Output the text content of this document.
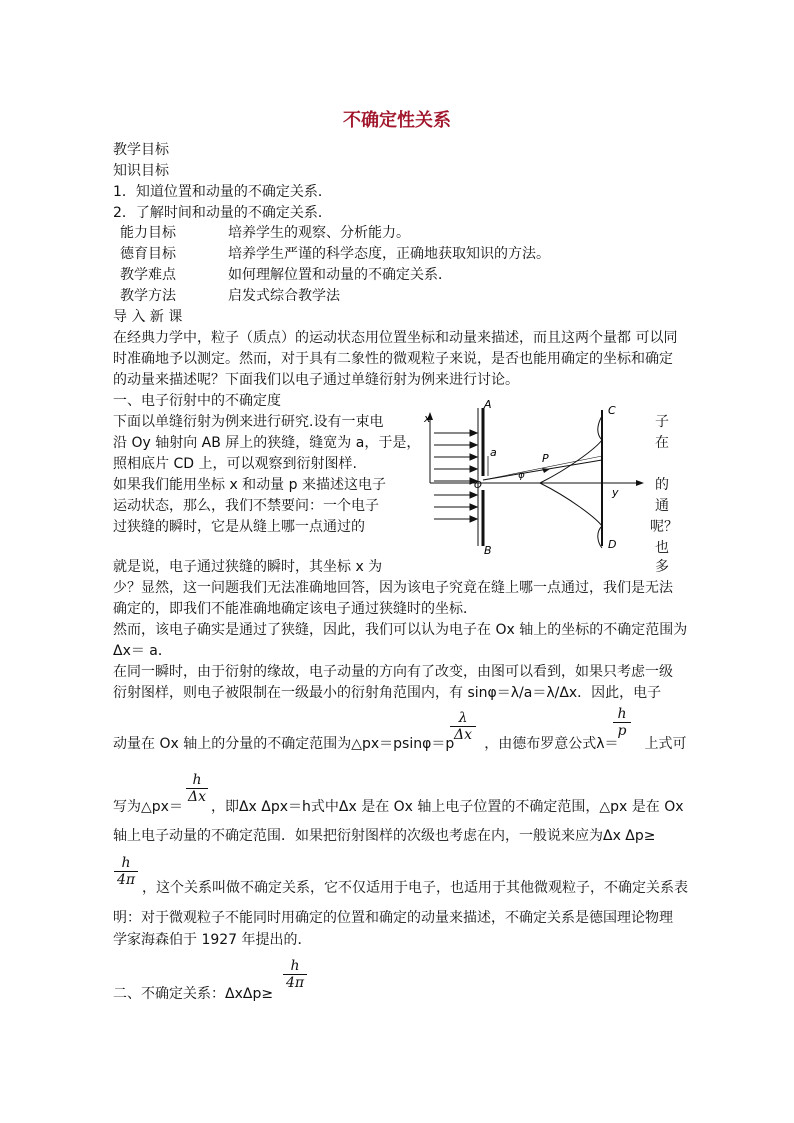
不确定性关系
教学目标
知识目标
1．知道位置和动量的不确定关系．
2．了解时间和动量的不确定关系．
能力目标	培养学生的观察、分析能力。
德育目标	培养学生严谨的科学态度，正确地获取知识的方法。
教学难点	如何理解位置和动量的不确定关系．
教学方法	启发式综合教学法
导 入 新 课
在经典力学中，粒子（质点）的运动状态用位置坐标和动量来描述，而且这两个量都 可以同
时准确地予以测定。然而，对于具有二象性的微观粒子来说，是否也能用确定的坐标和确定
的动量来描述呢？下面我们以电子通过单缝衍射为例来进行讨论。
一、电子衍射中的不确定度
下面以单缝衍射为例来进行研究.设有一束电
沿 Oy 轴射向 AB 屏上的狭缝，缝宽为 a，于是，
照相底片 CD 上，可以观察到衍射图样.
如果我们能用坐标 x 和动量 p 来描述这电子
运动状态，那么，我们不禁要问：一个电子
过狭缝的瞬时，它是从缝上哪一点通过的
就是说，电子通过狭缝的瞬时，其坐标 x 为
子
在
的
通
呢？
也
多
x
A
B
C
D
a	P
φ
O
y
少？显然，这一问题我们无法准确地回答，因为该电子究竟在缝上哪一点通过，我们是无法
确定的，即我们不能准确地确定该电子通过狭缝时的坐标．
然而，该电子确实是通过了狭缝，因此，我们可以认为电子在 Ox 轴上的坐标的不确定范围为
Δx＝ a．
在同一瞬时，由于衍射的缘故，电子动量的方向有了改变，由图可以看到，如果只考虑一级
衍射图样，则电子被限制在一级最小的衍射角范围内，有 sinφ＝λ/a＝λ/Δx．因此，电子
动量在 Ox 轴上的分量的不确定范围为△px＝psinφ＝p ，由德布罗意公式λ＝ 上式可
$\frac{\lambda}{\Delta x}$	$\frac{h}{p}$
写为△px＝ ，即Δx Δpx＝h式中Δx 是在 Ox 轴上电子位置的不确定范围，△px 是在 Ox
$\frac{h}{\Delta x}$
轴上电子动量的不确定范围．如果把衍射图样的次级也考虑在内，一般说来应为Δx Δp≥
$\frac{h}{4\pi}$ ，这个关系叫做不确定关系，它不仅适用于电子，也适用于其他微观粒子，不确定关系表
明：对于微观粒子不能同时用确定的位置和确定的动量来描述，不确定关系是德国理论物理
学家海森伯于 1927 年提出的．
二、不确定关系：ΔxΔp≥
$\frac{h}{4\pi}$
